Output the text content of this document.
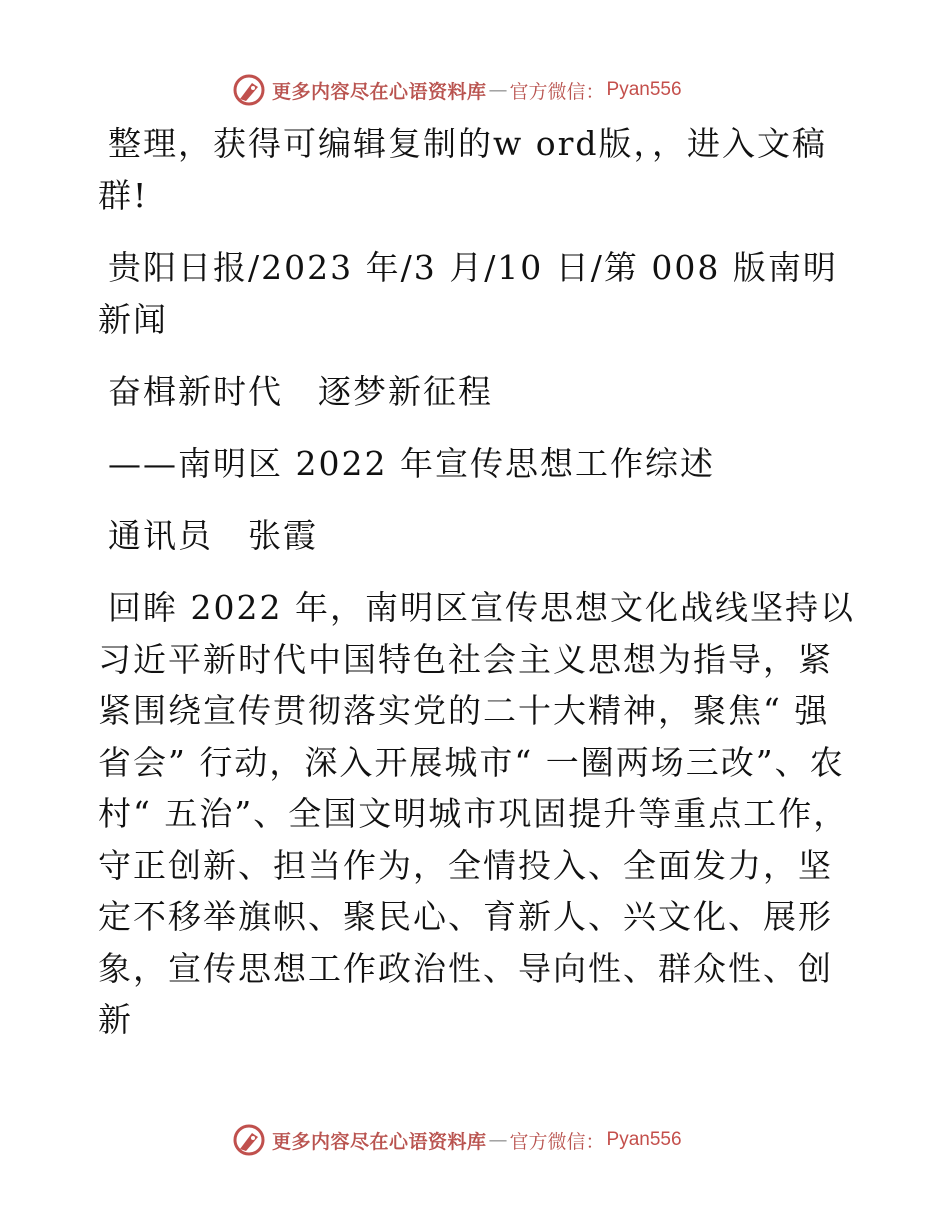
更多内容尽在心语资料库 — 官方微信： Pyan556

整理，获得可编辑复制的w ord版，，进入文稿群!

贵阳日报/2023 年/3 月/10 日/第 008 版南明新闻

奋楫新时代　逐梦新征程

——南明区 2022 年宣传思想工作综述

通讯员　张霞

回眸 2022 年，南明区宣传思想文化战线坚持以习近平新时代中国特色社会主义思想为指导，紧紧围绕宣传贯彻落实党的二十大精神，聚焦“ 强省会” 行动，深入开展城市“ 一圈两场三改”、农村“ 五治”、全国文明城市巩固提升等重点工作，守正创新、担当作为，全情投入、全面发力，坚定不移举旗帜、聚民心、育新人、兴文化、展形象，宣传思想工作政治性、导向性、群众性、创新

更多内容尽在心语资料库 — 官方微信： Pyan556
